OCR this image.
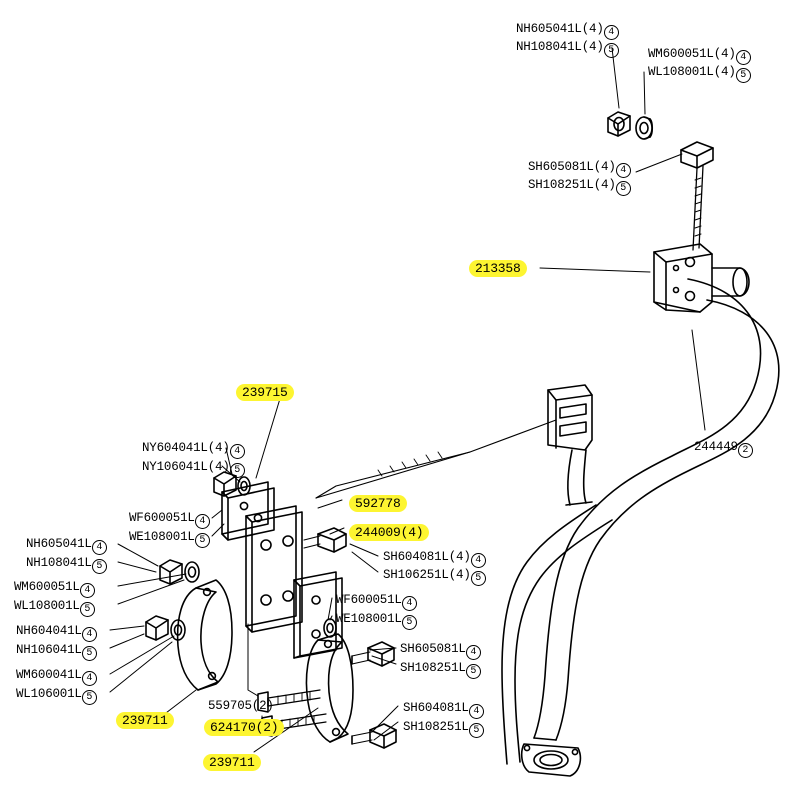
NH605041L(4) 4
NH108041L(4) 5	WM600051L(4) 4
WL108001L(4) 5
SH605081L(4) 4
SH108251L(4) 5
213358
244449 2
239715
NY604041L(4) 4
NY106041L(4) 5
WF600051L 4
WE108001L 5
592778
244009(4)
SH604081L(4) 4
SH106251L(4) 5
NH605041L 4
NH108041L 5
WM600051L 4
WL108001L 5
NH604041L 4
NH106041L 5
WM600041L 4
WL106001L 5
WF600051L 4
WE108001L 5
SH605081L 4
SH108251L 5
559705(2)
624170(2)
239711
239711
SH604081L 4
SH108251L 5
